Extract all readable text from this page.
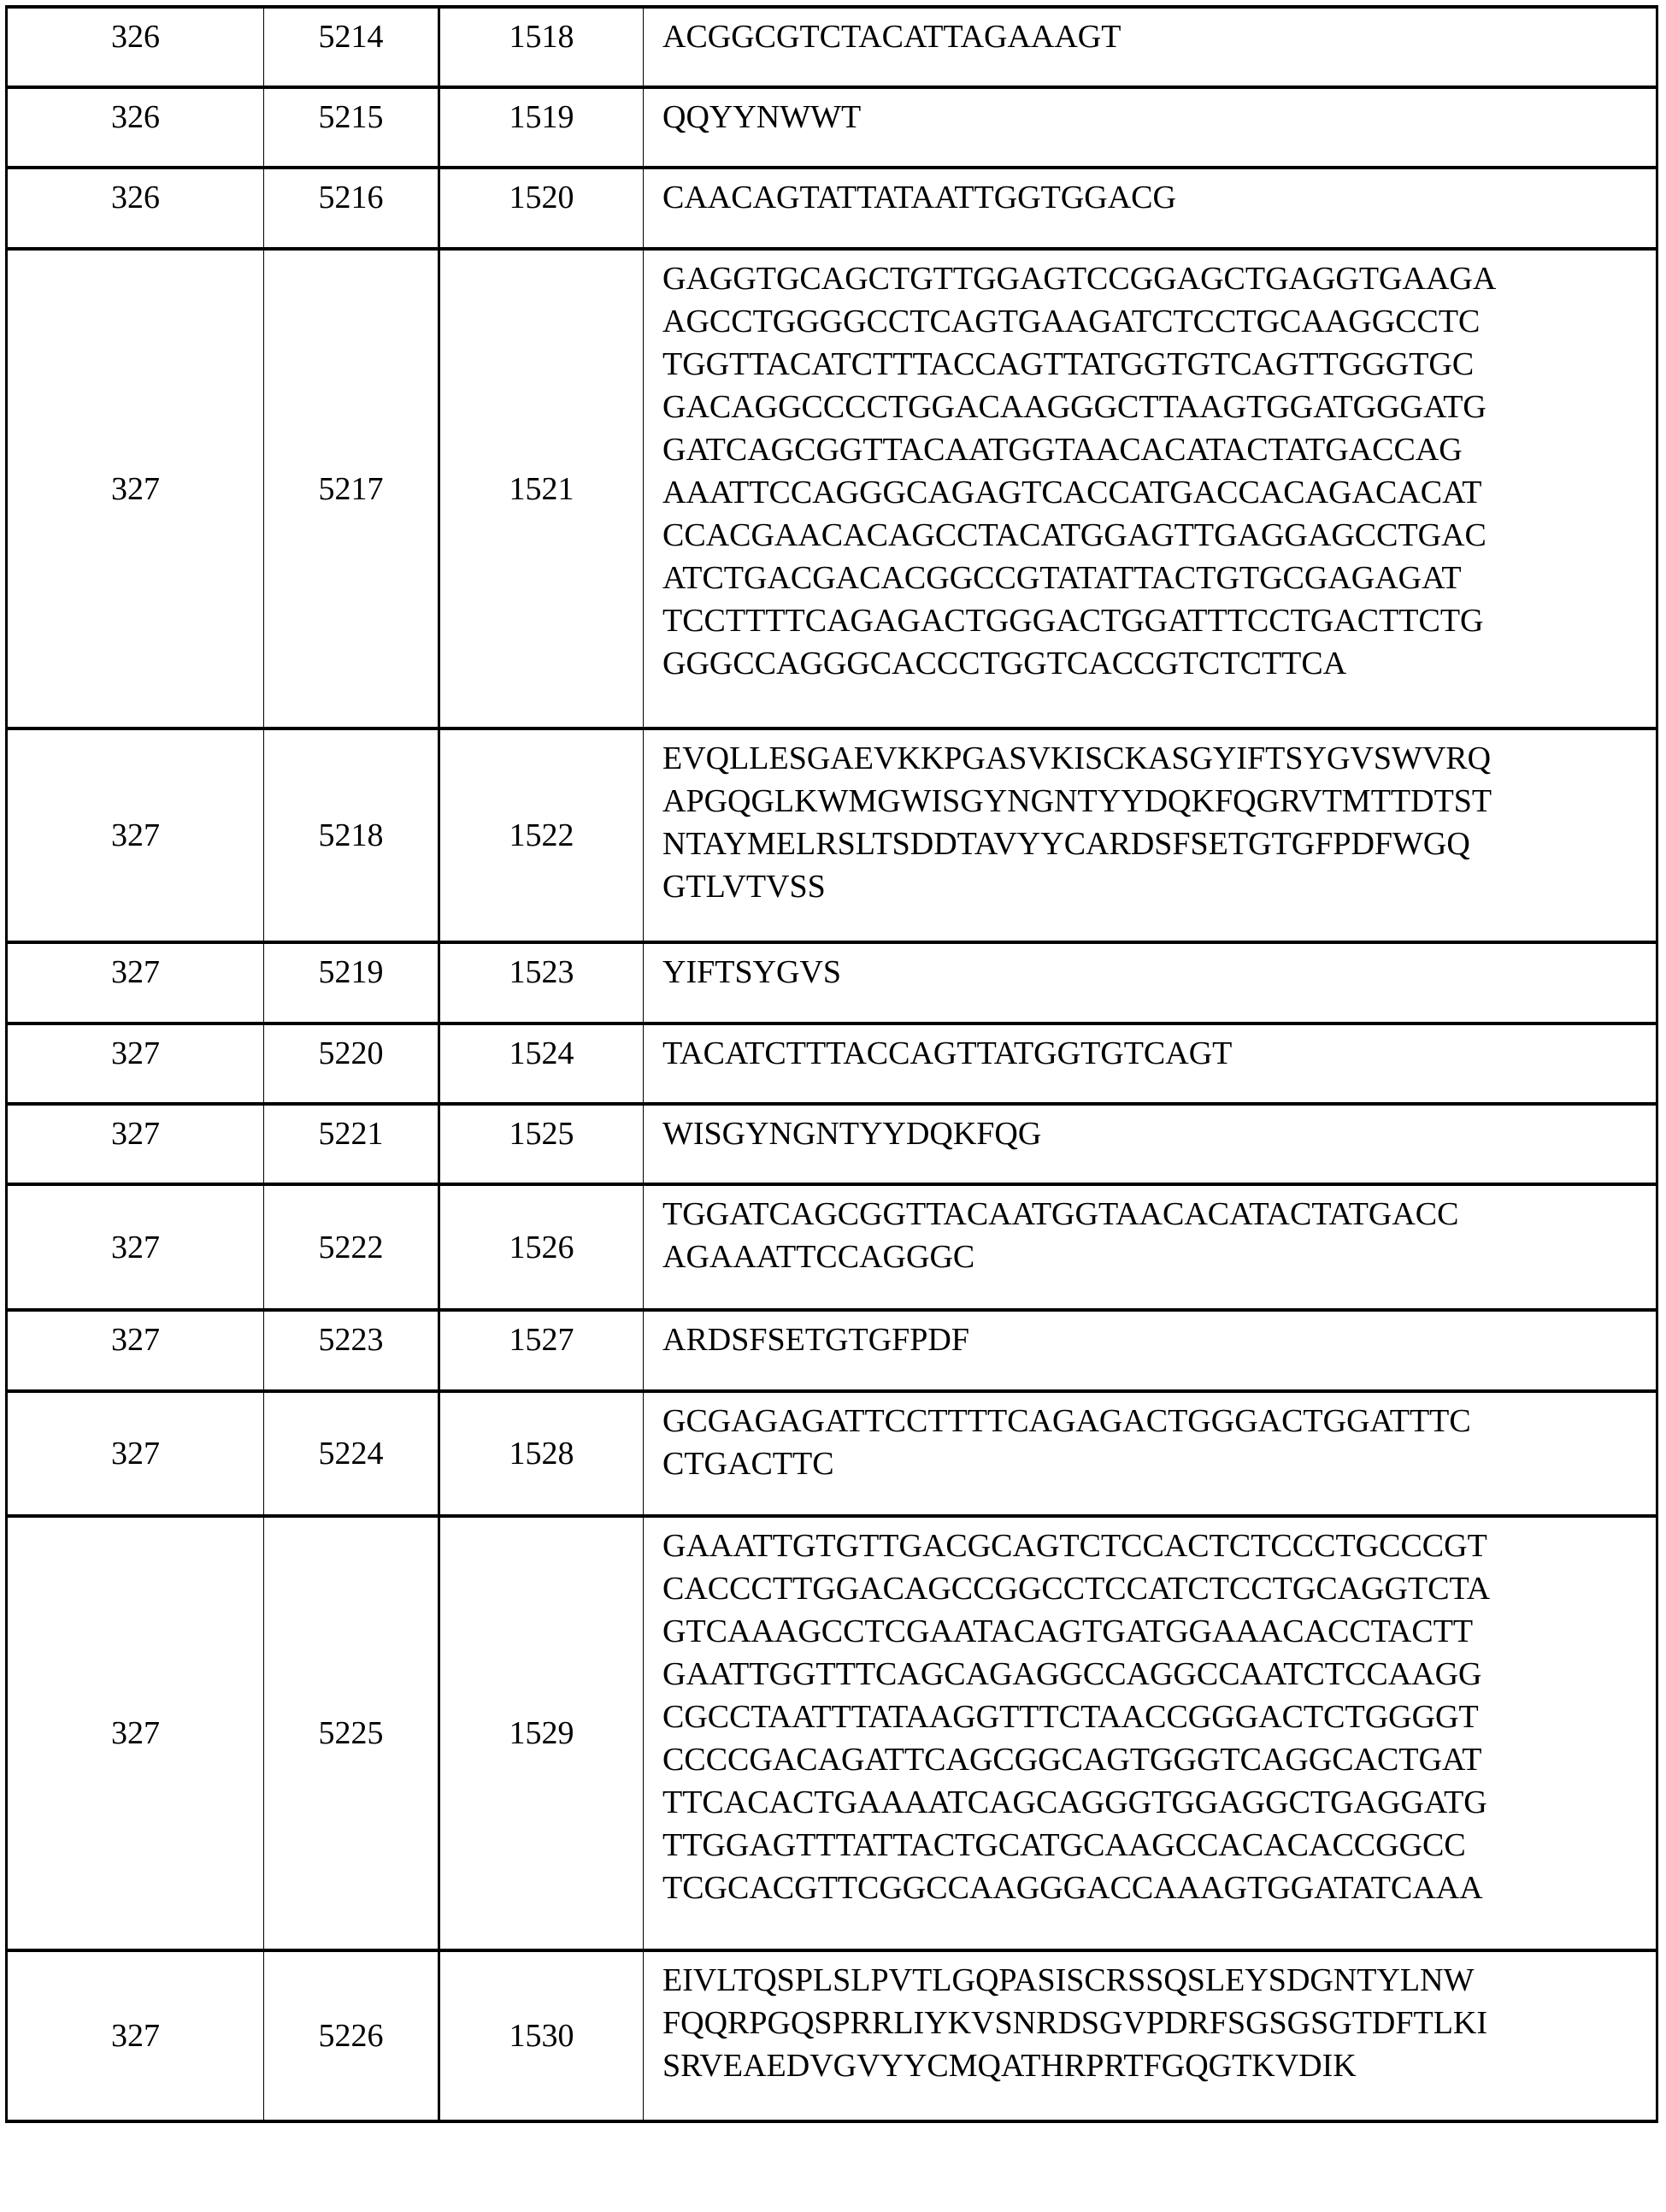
326	5214	1518	ACGGCGTCTACATTAGAAAGT

326	5215	1519	QQYYNWWT

326	5216	1520	CAACAGTATTATAATTGGTGGACG

327	5217	1521	
GAGGTGCAGCTGTTGGAGTCCGGAGCTGAGGTGAAGA
AGCCTGGGGCCTCAGTGAAGATCTCCTGCAAGGCCTC
TGGTTACATCTTTACCAGTTATGGTGTCAGTTGGGTGC
GACAGGCCCCTGGACAAGGGCTTAAGTGGATGGGATG
GATCAGCGGTTACAATGGTAACACATACTATGACCAG
AAATTCCAGGGCAGAGTCACCATGACCACAGACACAT
CCACGAACACAGCCTACATGGAGTTGAGGAGCCTGAC
ATCTGACGACACGGCCGTATATTACTGTGCGAGAGAT
TCCTTTTCAGAGACTGGGACTGGATTTCCTGACTTCTG
GGGCCAGGGCACCCTGGTCACCGTCTCTTCA

327	5218	1522	EVQLLESGAEVKKPGASVKISCKASGYIFTSYGVSWVRQ
APGQGLKWMGWISGYNGNTYYDQKFQGRVTMTTDTST
NTAYMELRSLTSDDTAVYYCARDSFSETGTGFPDFWGQ
GTLVTVSS

327	5219	1523	YIFTSYGVS

327	5220	1524	TACATCTTTACCAGTTATGGTGTCAGT

327	5221	1525	WISGYNGNTYYDQKFQG

327	5222	1526	TGGATCAGCGGTTACAATGGTAACACATACTATGACC
AGAAATTCCAGGGC

327	5223	1527	ARDSFSETGTGFPDF

327	5224	1528	GCGAGAGATTCCTTTTCAGAGACTGGGACTGGATTTC
CTGACTTC

327	5225	1529	
GAAATTGTGTTGACGCAGTCTCCACTCTCCCTGCCCGT
CACCCTTGGACAGCCGGCCTCCATCTCCTGCAGGTCTA
GTCAAAGCCTCGAATACAGTGATGGAAACACCTACTT
GAATTGGTTTCAGCAGAGGCCAGGCCAATCTCCAAGG
CGCCTAATTTATAAGGTTTCTAACCGGGACTCTGGGGT
CCCCGACAGATTCAGCGGCAGTGGGTCAGGCACTGAT
TTCACACTGAAAATCAGCAGGGTGGAGGCTGAGGATG
TTGGAGTTTATTACTGCATGCAAGCCACACACCGGCC
TCGCACGTTCGGCCAAGGGACCAAAGTGGATATCAAA

327	5226	1530	EIVLTQSPLSLPVTLGQPASISCRSSQSLEYSDGNTYLNW
FQQRPGQSPRRLIYKVSNRDSGVPDRFSGSGSGTDFTLKI
SRVEAEDVGVYYCMQATHRPRTFGQGTKVDIK
